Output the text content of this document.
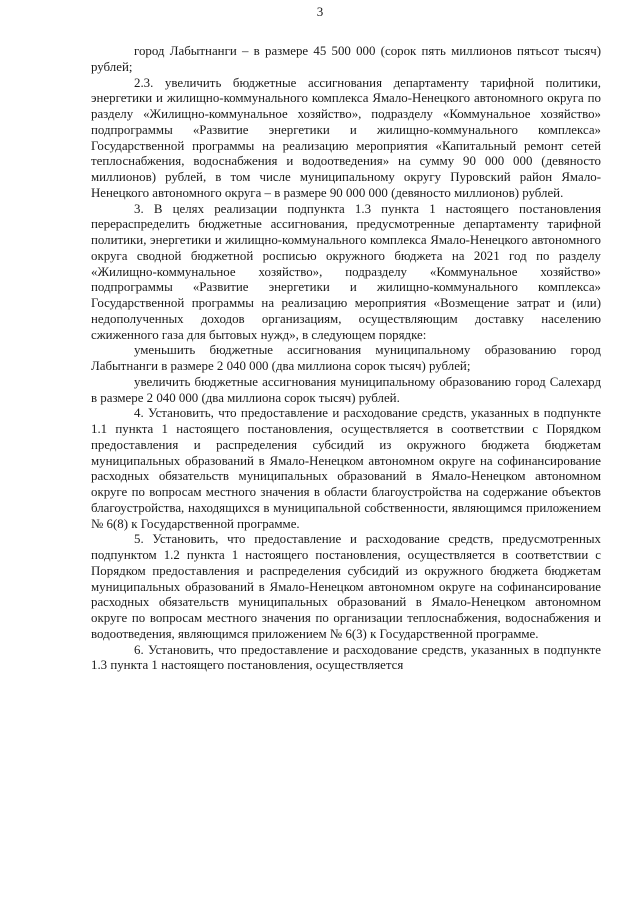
3

город Лабытнанги – в размере 45 500 000 (сорок пять миллионов пятьсот тысяч) рублей;

2.3. увеличить бюджетные ассигнования департаменту тарифной политики, энергетики и жилищно-коммунального комплекса Ямало-Ненецкого автономного округа по разделу «Жилищно-коммунальное хозяйство», подразделу «Коммунальное хозяйство» подпрограммы «Развитие энергетики и жилищно-коммунального комплекса» Государственной программы на реализацию мероприятия «Капитальный ремонт сетей теплоснабжения, водоснабжения и водоотведения» на сумму 90 000 000 (девяносто миллионов) рублей, в том числе муниципальному округу Пуровский район Ямало-Ненецкого автономного округа – в размере 90 000 000 (девяносто миллионов) рублей.

3. В целях реализации подпункта 1.3 пункта 1 настоящего постановления перераспределить бюджетные ассигнования, предусмотренные департаменту тарифной политики, энергетики и жилищно-коммунального комплекса Ямало-Ненецкого автономного округа сводной бюджетной росписью окружного бюджета на 2021 год по разделу «Жилищно-коммунальное хозяйство», подразделу «Коммунальное хозяйство» подпрограммы «Развитие энергетики и жилищно-коммунального комплекса» Государственной программы на реализацию мероприятия «Возмещение затрат и (или) недополученных доходов организациям, осуществляющим доставку населению сжиженного газа для бытовых нужд», в следующем порядке:

уменьшить бюджетные ассигнования муниципальному образованию город Лабытнанги в размере 2 040 000 (два миллиона сорок тысяч) рублей;

увеличить бюджетные ассигнования муниципальному образованию город Салехард в размере 2 040 000 (два миллиона сорок тысяч) рублей.

4. Установить, что предоставление и расходование средств, указанных в подпункте 1.1 пункта 1 настоящего постановления, осуществляется в соответствии с Порядком предоставления и распределения субсидий из окружного бюджета бюджетам муниципальных образований в Ямало-Ненецком автономном округе на софинансирование расходных обязательств муниципальных образований в Ямало-Ненецком автономном округе по вопросам местного значения в области благоустройства на содержание объектов благоустройства, находящихся в муниципальной собственности, являющимся приложением № 6(8) к Государственной программе.

5. Установить, что предоставление и расходование средств, предусмотренных подпунктом 1.2 пункта 1 настоящего постановления, осуществляется в соответствии с Порядком предоставления и распределения субсидий из окружного бюджета бюджетам муниципальных образований в Ямало-Ненецком автономном округе на софинансирование расходных обязательств муниципальных образований в Ямало-Ненецком автономном округе по вопросам местного значения по организации теплоснабжения, водоснабжения и водоотведения, являющимся приложением № 6(3) к Государственной программе.

6. Установить, что предоставление и расходование средств, указанных в подпункте 1.3 пункта 1 настоящего постановления, осуществляется
